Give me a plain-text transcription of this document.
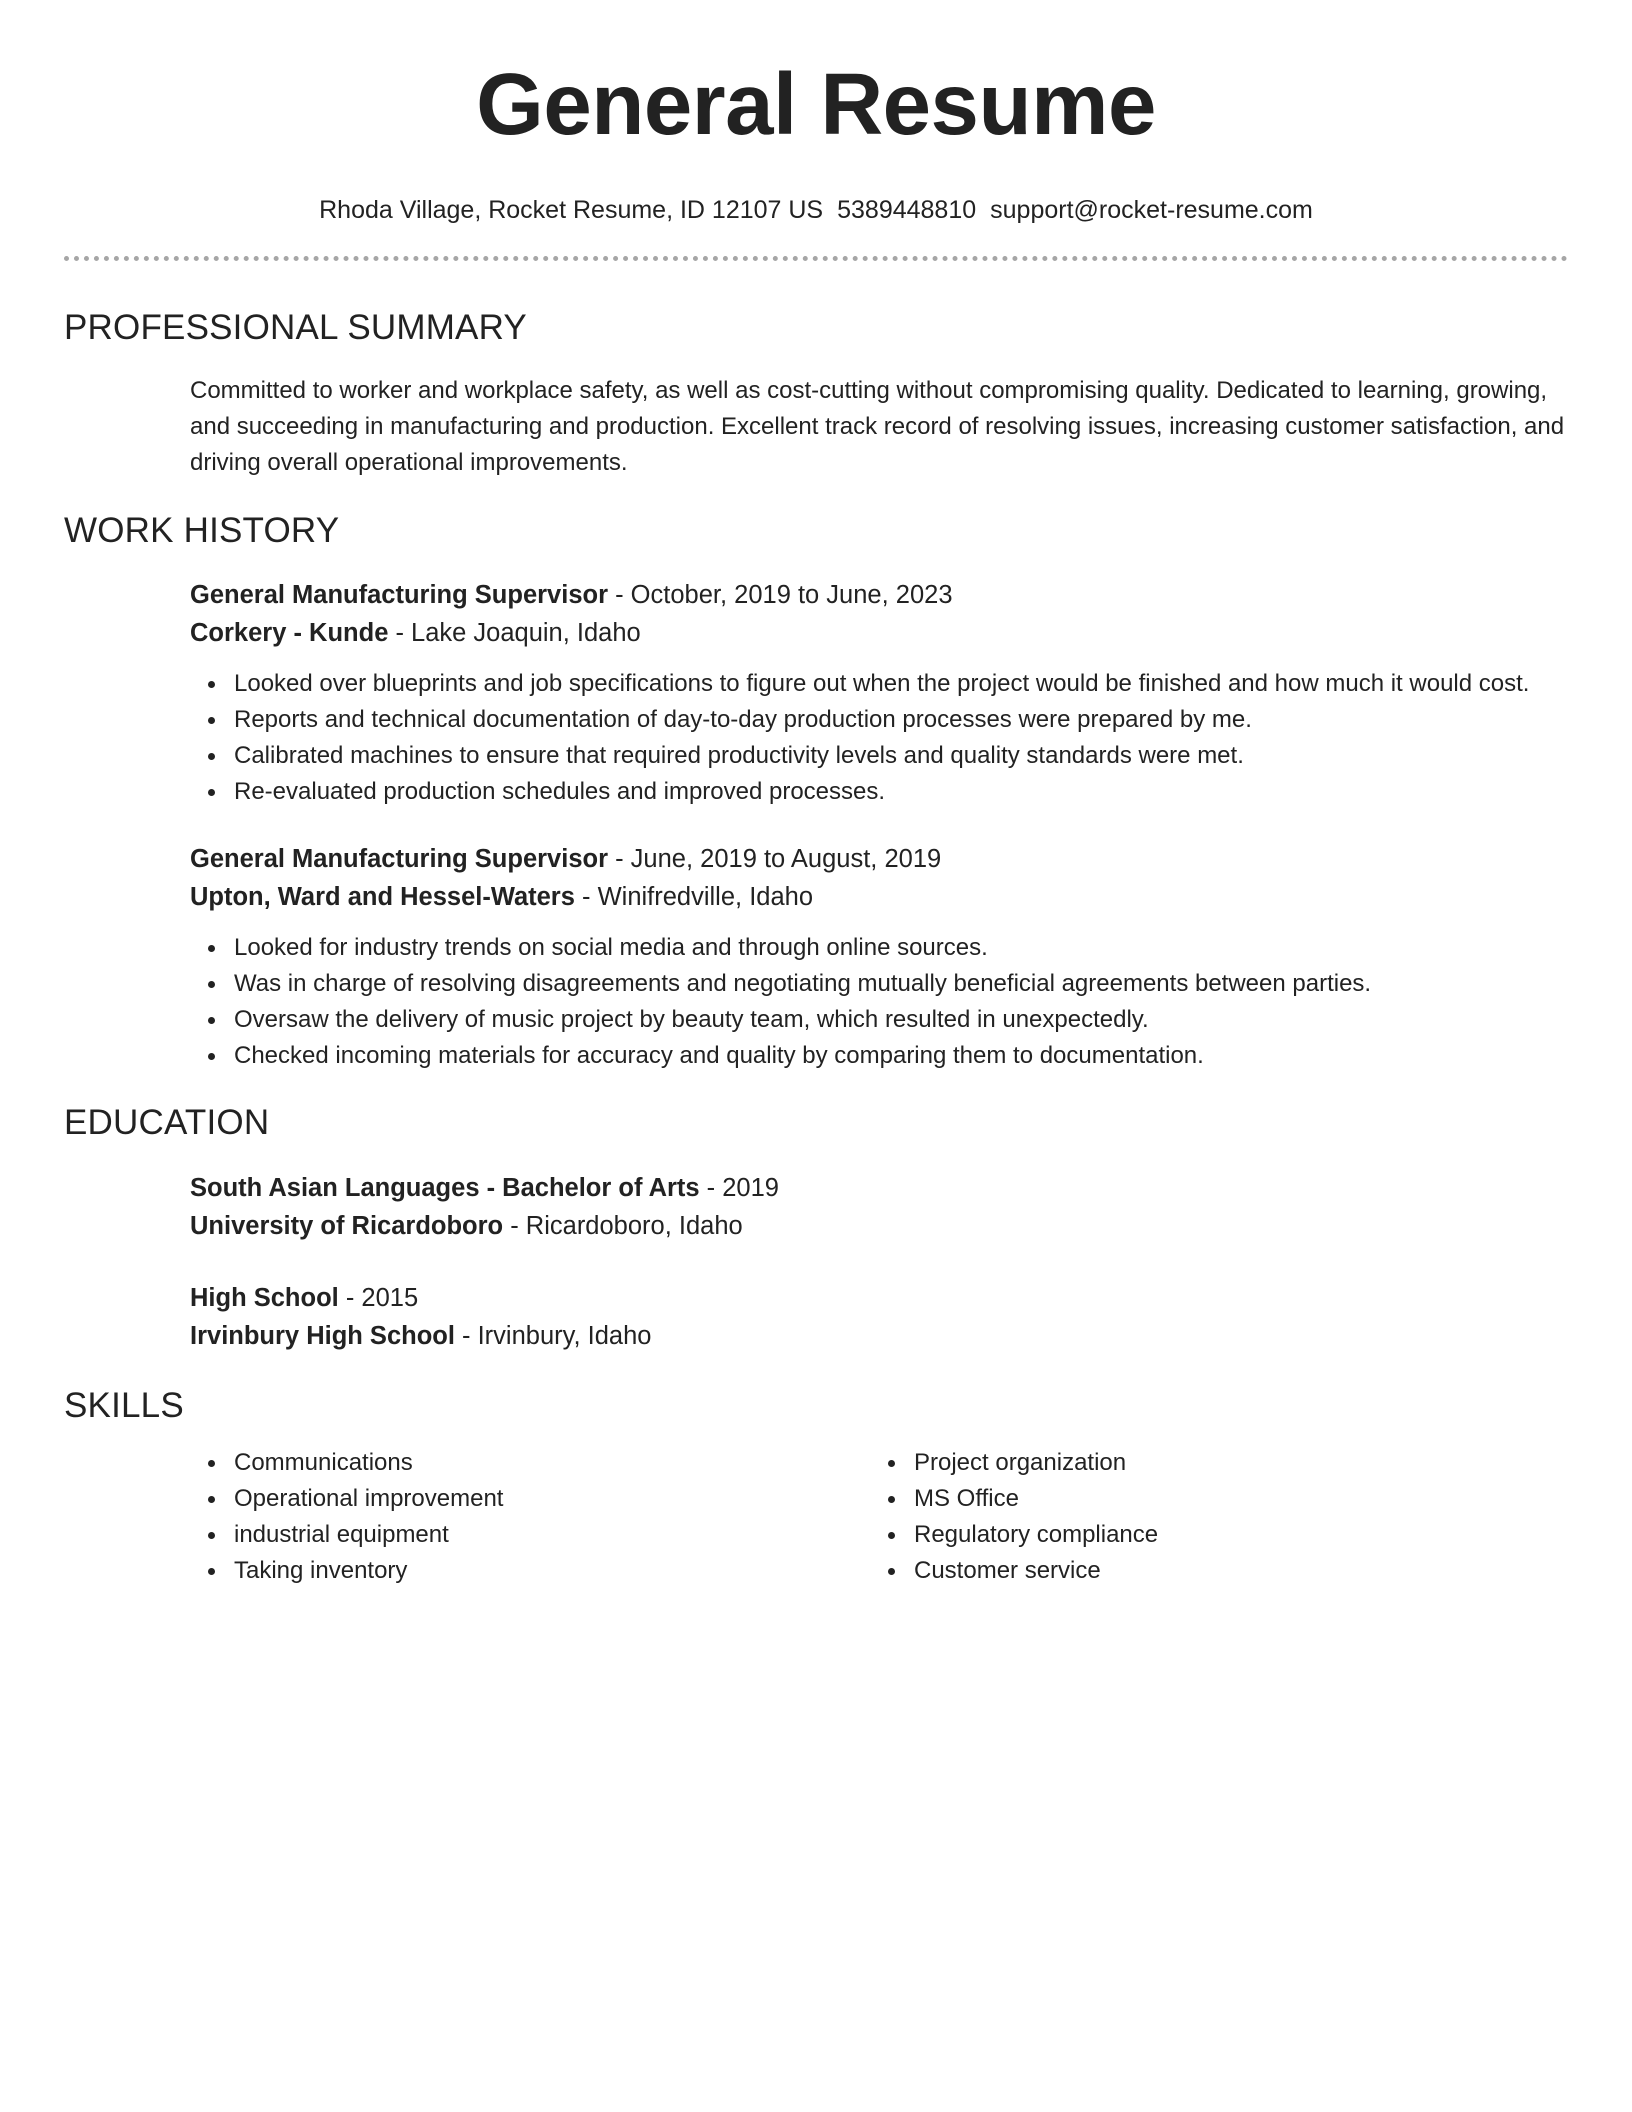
General Resume
Rhoda Village, Rocket Resume, ID 12107 US 5389448810 support@rocket-resume.com
PROFESSIONAL SUMMARY

Committed to worker and workplace safety, as well as cost-cutting without compromising quality. Dedicated to learning, growing, and succeeding in manufacturing and production. Excellent track record of resolving issues, increasing customer satisfaction, and driving overall operational improvements.

WORK HISTORY
General Manufacturing Supervisor - October, 2019 to June, 2023
Corkery - Kunde - Lake Joaquin, Idaho
Looked over blueprints and job specifications to figure out when the project would be finished and how much it would cost.
Reports and technical documentation of day-to-day production processes were prepared by me.
Calibrated machines to ensure that required productivity levels and quality standards were met.
Re-evaluated production schedules and improved processes.
General Manufacturing Supervisor - June, 2019 to August, 2019
Upton, Ward and Hessel-Waters - Winifredville, Idaho
Looked for industry trends on social media and through online sources.
Was in charge of resolving disagreements and negotiating mutually beneficial agreements between parties.
Oversaw the delivery of music project by beauty team, which resulted in unexpectedly.
Checked incoming materials for accuracy and quality by comparing them to documentation.
EDUCATION
South Asian Languages - Bachelor of Arts - 2019
University of Ricardoboro - Ricardoboro, Idaho
High School - 2015
Irvinbury High School - Irvinbury, Idaho
SKILLS
Communications
Operational improvement
industrial equipment
Taking inventory
Project organization
MS Office
Regulatory compliance
Customer service
